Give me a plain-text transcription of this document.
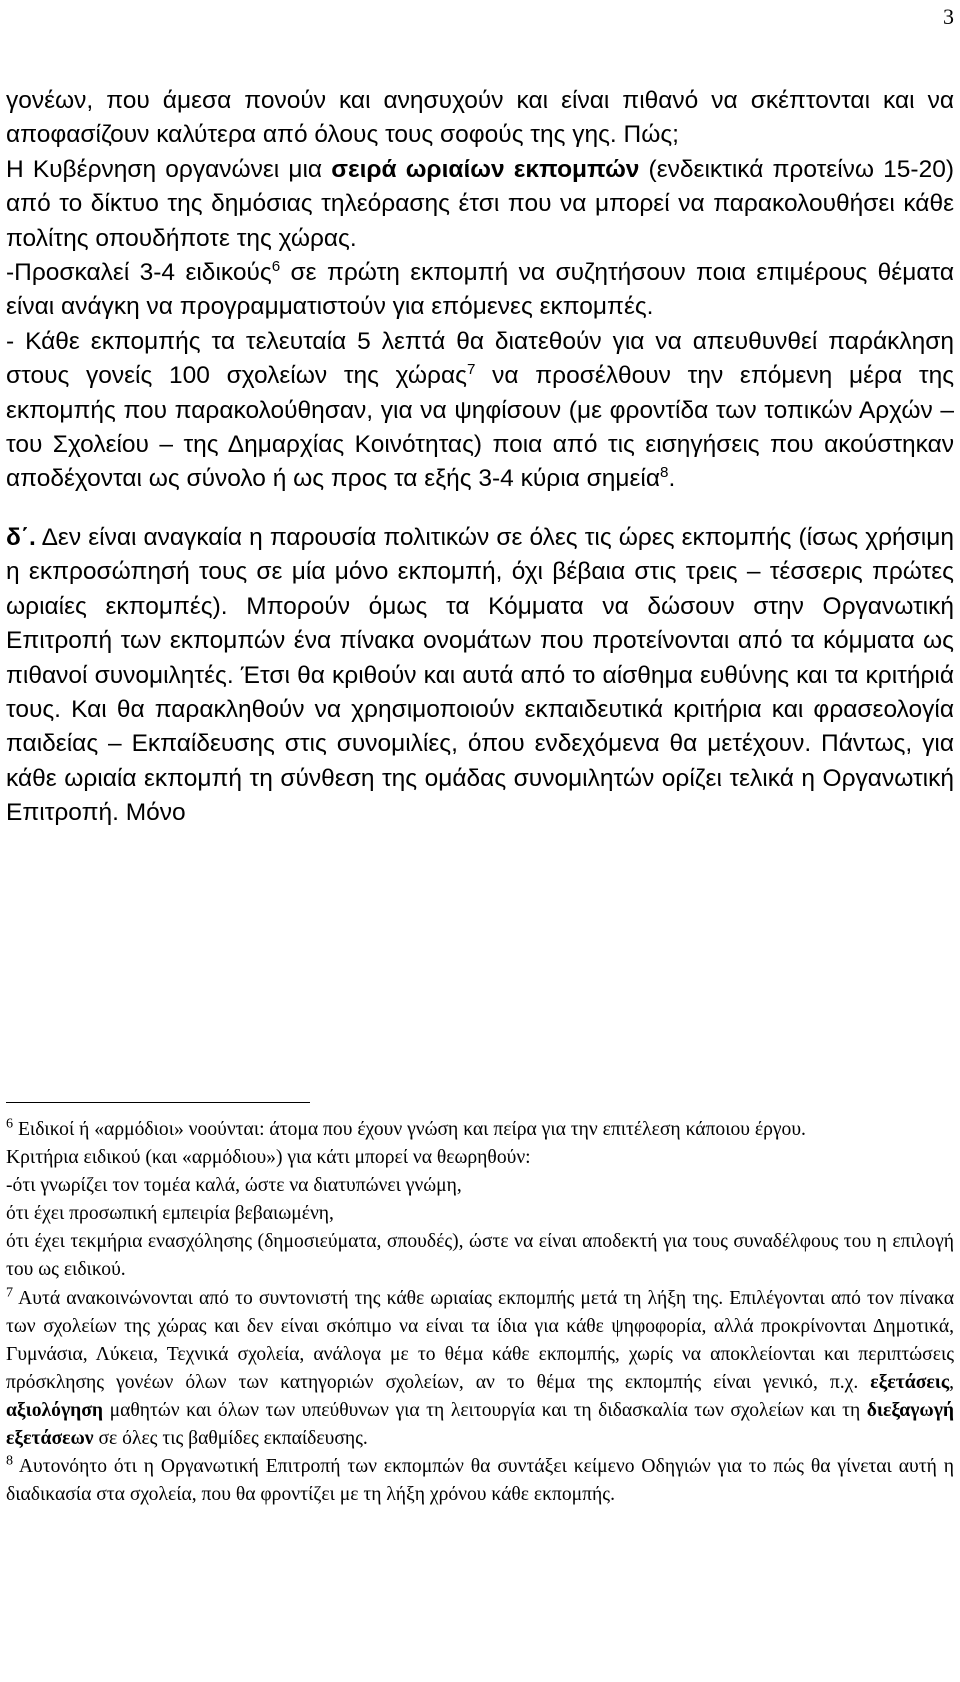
3

γονέων, που άμεσα πονούν και ανησυχούν και είναι πιθανό να σκέπτονται και να αποφασίζουν καλύτερα από όλους τους σοφούς της γης. Πώς;

Η Κυβέρνηση οργανώνει μια σειρά ωριαίων εκπομπών (ενδεικτικά προτείνω 15-20) από το δίκτυο της δημόσιας τηλεόρασης έτσι που να μπορεί να παρακολουθήσει κάθε πολίτης οπουδήποτε της χώρας.

-Προσκαλεί 3-4 ειδικούς$^6$ σε πρώτη εκπομπή να συζητήσουν ποια επιμέρους θέματα είναι ανάγκη να προγραμματιστούν για επόμενες εκπομπές.

- Κάθε εκπομπής τα τελευταία 5 λεπτά θα διατεθούν για να απευθυνθεί παράκληση στους γονείς 100 σχολείων της χώρας$^7$ να προσέλθουν την επόμενη μέρα της εκπομπής που παρακολούθησαν, για να ψηφίσουν (με φροντίδα των τοπικών Αρχών – του Σχολείου – της Δημαρχίας Κοινότητας) ποια από τις εισηγήσεις που ακούστηκαν αποδέχονται ως σύνολο ή ως προς τα εξής 3-4 κύρια σημεία$^8$.

δ΄. Δεν είναι αναγκαία η παρουσία πολιτικών σε όλες τις ώρες εκπομπής (ίσως χρήσιμη η εκπροσώπησή τους σε μία μόνο εκπομπή, όχι βέβαια στις τρεις – τέσσερις πρώτες ωριαίες εκπομπές). Μπορούν όμως τα Κόμματα να δώσουν στην Οργανωτική Επιτροπή των εκπομπών ένα πίνακα ονομάτων που προτείνονται από τα κόμματα ως πιθανοί συνομιλητές. Έτσι θα κριθούν και αυτά από το αίσθημα ευθύνης και τα κριτήριά τους. Και θα παρακληθούν να χρησιμοποιούν εκπαιδευτικά κριτήρια και φρασεολογία παιδείας – Εκπαίδευσης στις συνομιλίες, όπου ενδεχόμενα θα μετέχουν. Πάντως, για κάθε ωριαία εκπομπή τη σύνθεση της ομάδας συνομιλητών ορίζει τελικά η Οργανωτική Επιτροπή. Μόνο

$^6$ Ειδικοί ή «αρμόδιοι» νοούνται: άτομα που έχουν γνώση και πείρα για την επιτέλεση κάποιου έργου.

Κριτήρια ειδικού (και «αρμόδιου») για κάτι μπορεί να θεωρηθούν:

-ότι γνωρίζει τον τομέα καλά, ώστε να διατυπώνει γνώμη,

ότι έχει προσωπική εμπειρία βεβαιωμένη,

ότι έχει τεκμήρια ενασχόλησης (δημοσιεύματα, σπουδές), ώστε να είναι αποδεκτή για τους συναδέλφους του η επιλογή του ως ειδικού.

$^7$ Αυτά ανακοινώνονται από το συντονιστή της κάθε ωριαίας εκπομπής μετά τη λήξη της. Επιλέγονται από τον πίνακα των σχολείων της χώρας και δεν είναι σκόπιμο να είναι τα ίδια για κάθε ψηφοφορία, αλλά προκρίνονται Δημοτικά, Γυμνάσια, Λύκεια, Τεχνικά σχολεία, ανάλογα με το θέμα κάθε εκπομπής, χωρίς να αποκλείονται και περιπτώσεις πρόσκλησης γονέων όλων των κατηγοριών σχολείων, αν το θέμα της εκπομπής είναι γενικό, π.χ. εξετάσεις, αξιολόγηση μαθητών και όλων των υπεύθυνων για τη λειτουργία και τη διδασκαλία των σχολείων και τη διεξαγωγή εξετάσεων σε όλες τις βαθμίδες εκπαίδευσης.

$^8$ Αυτονόητο ότι η Οργανωτική Επιτροπή των εκπομπών θα συντάξει κείμενο Οδηγιών για το πώς θα γίνεται αυτή η διαδικασία στα σχολεία, που θα φροντίζει με τη λήξη χρόνου κάθε εκπομπής.
